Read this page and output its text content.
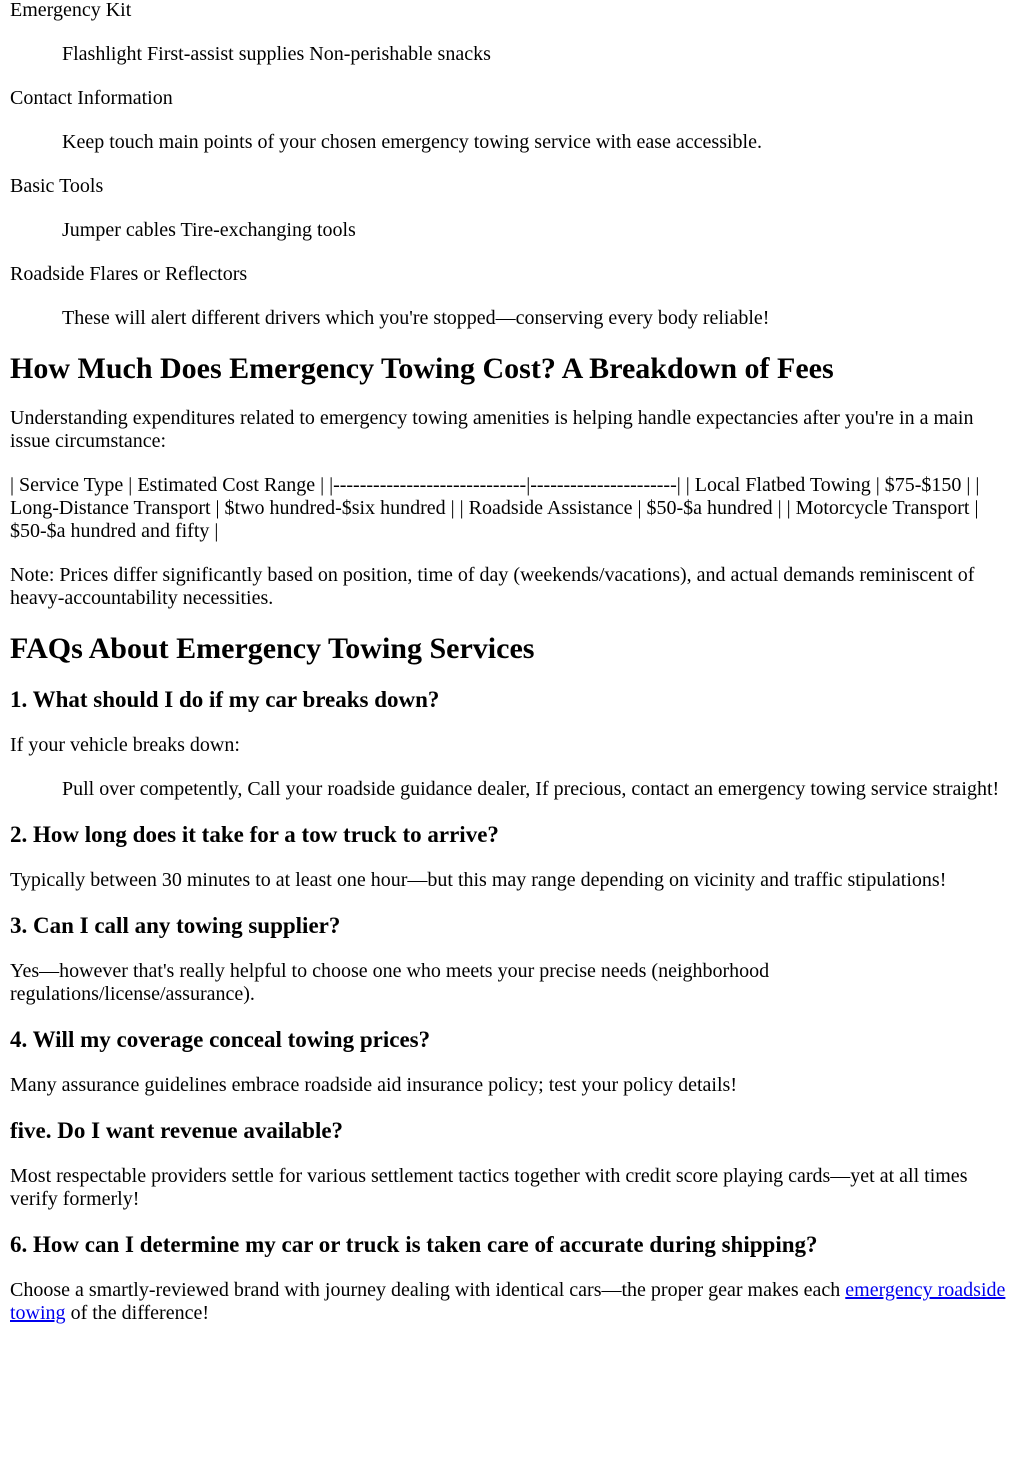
Emergency Kit
Flashlight First-assist supplies Non-perishable snacks
Contact Information
Keep touch main points of your chosen emergency towing service with ease accessible.
Basic Tools
Jumper cables Tire-exchanging tools
Roadside Flares or Reflectors
These will alert different drivers which you're stopped—conserving every body reliable!
How Much Does Emergency Towing Cost? A Breakdown of Fees

Understanding expenditures related to emergency towing amenities is helping handle expectancies after you're in a main issue circumstance:

| Service Type | Estimated Cost Range | |-----------------------------|----------------------| | Local Flatbed Towing | $75-$150 | | Long-Distance Transport | $two hundred-$six hundred | | Roadside Assistance | $50-$a hundred | | Motorcycle Transport | $50-$a hundred and fifty |

Note: Prices differ significantly based on position, time of day (weekends/vacations), and actual demands reminiscent of heavy-accountability necessities.

FAQs About Emergency Towing Services
1. What should I do if my car breaks down?

If your vehicle breaks down:

Pull over competently, Call your roadside guidance dealer, If precious, contact an emergency towing service straight!
2. How long does it take for a tow truck to arrive?

Typically between 30 minutes to at least one hour—but this may range depending on vicinity and traffic stipulations!

3. Can I call any towing supplier?

Yes—however that's really helpful to choose one who meets your precise needs (neighborhood regulations/license/assurance).

4. Will my coverage conceal towing prices?

Many assurance guidelines embrace roadside aid insurance policy; test your policy details!

five. Do I want revenue available?

Most respectable providers settle for various settlement tactics together with credit score playing cards—yet at all times verify formerly!

6. How can I determine my car or truck is taken care of accurate during shipping?

Choose a smartly-reviewed brand with journey dealing with identical cars—the proper gear makes each emergency roadside towing of the difference!
